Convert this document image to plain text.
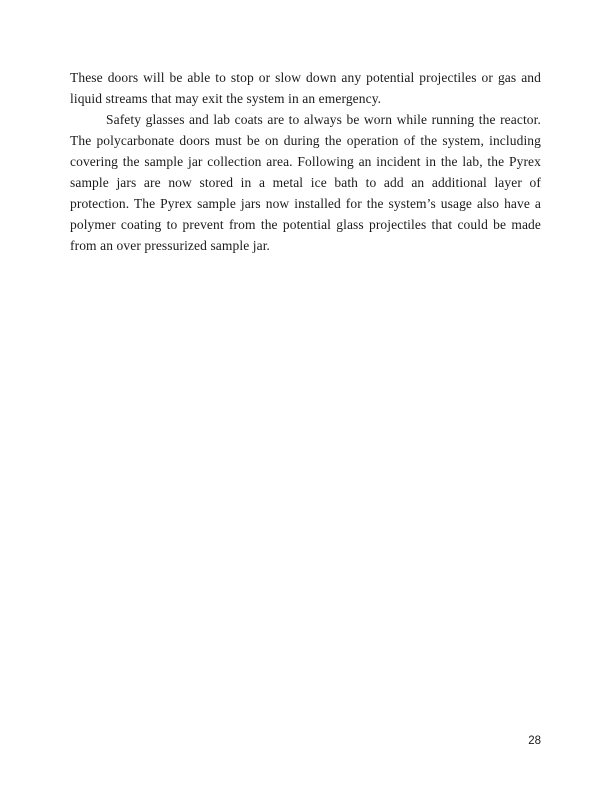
These doors will be able to stop or slow down any potential projectiles or gas and liquid streams that may exit the system in an emergency.

Safety glasses and lab coats are to always be worn while running the reactor. The polycarbonate doors must be on during the operation of the system, including covering the sample jar collection area. Following an incident in the lab, the Pyrex sample jars are now stored in a metal ice bath to add an additional layer of protection. The Pyrex sample jars now installed for the system’s usage also have a polymer coating to prevent from the potential glass projectiles that could be made from an over pressurized sample jar.

28
